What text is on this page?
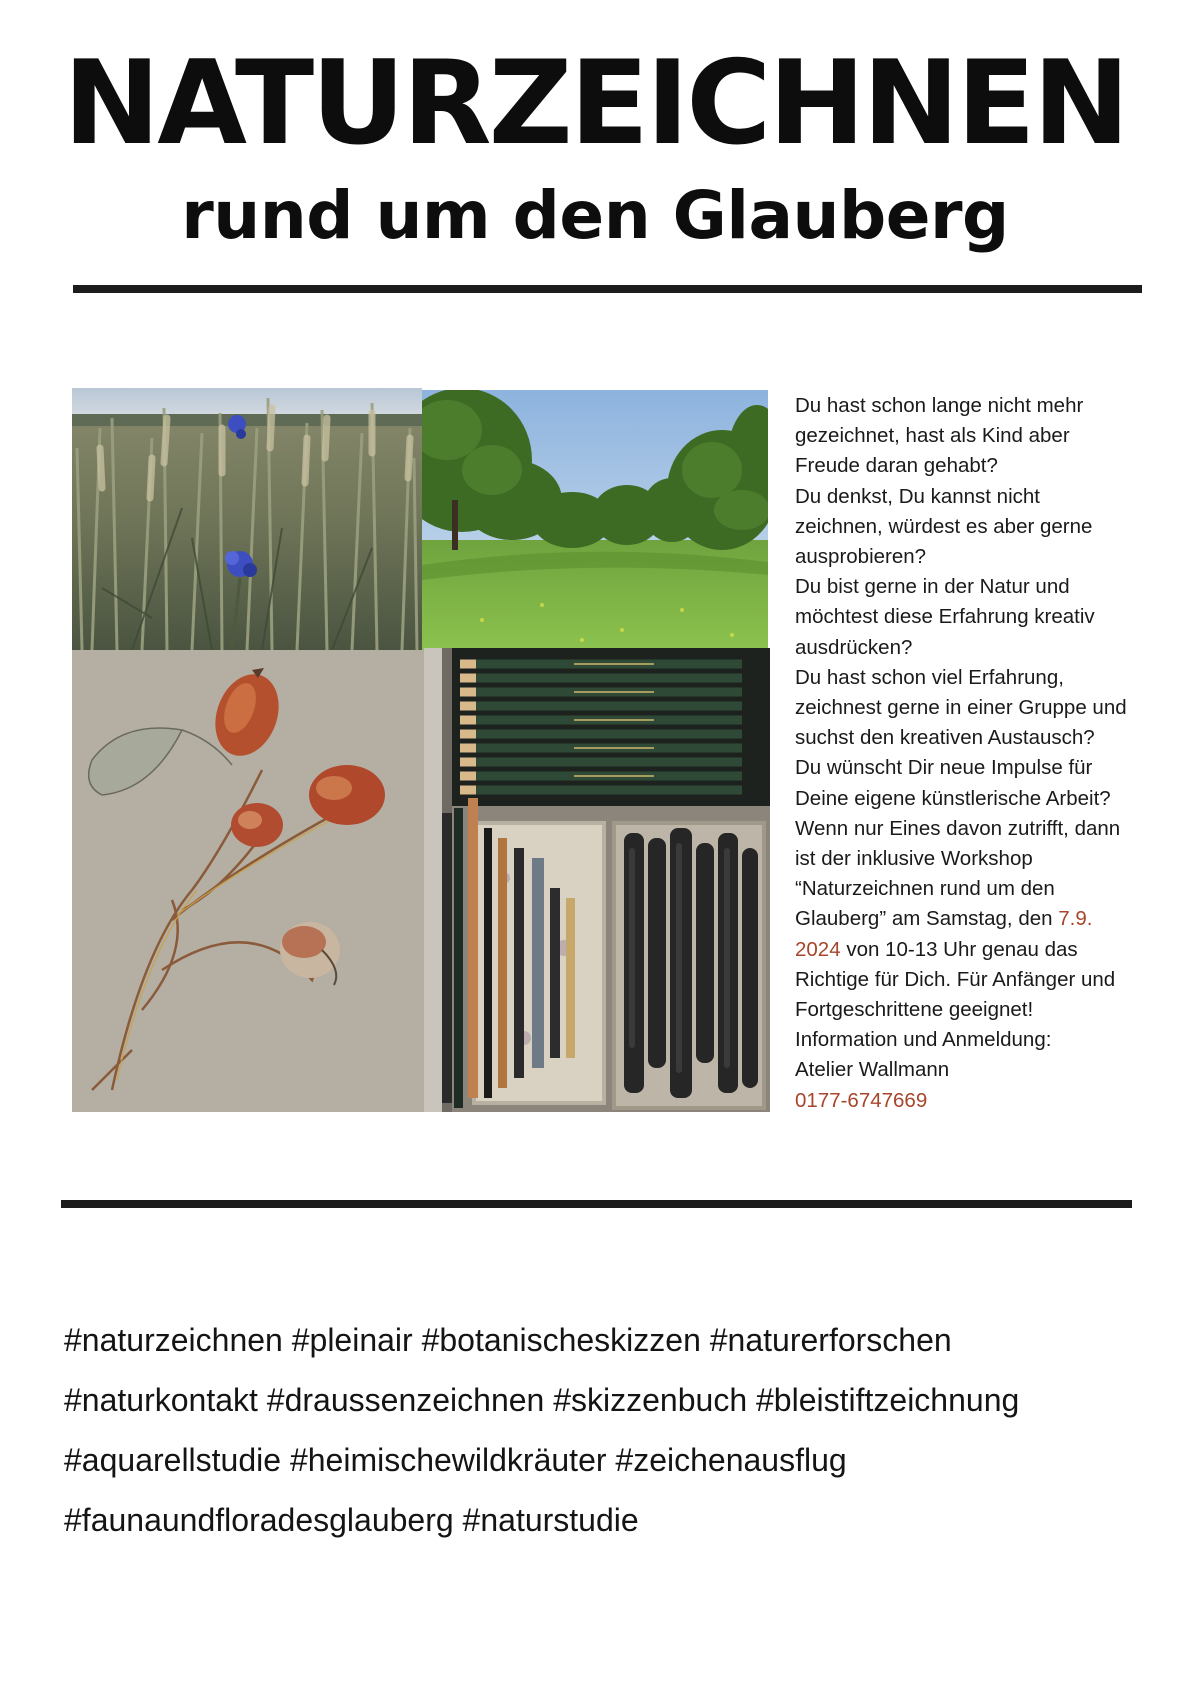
NATURZEICHNEN
rund um den Glauberg
Du hast schon lange nicht mehr
gezeichnet, hast als Kind aber
Freude daran gehabt?
Du denkst, Du kannst nicht
zeichnen, würdest es aber gerne
ausprobieren?
Du bist gerne in der Natur und
möchtest diese Erfahrung kreativ
ausdrücken?
Du hast schon viel Erfahrung,
zeichnest gerne in einer Gruppe und
suchst den kreativen Austausch?
Du wünscht Dir neue Impulse für
Deine eigene künstlerische Arbeit?
Wenn nur Eines davon zutrifft, dann
ist der inklusive Workshop
“Naturzeichnen rund um den
Glauberg” am Samstag, den 7.9.
2024 von 10-13 Uhr genau das
Richtige für Dich. Für Anfänger und
Fortgeschrittene geeignet!
Information und Anmeldung:
Atelier Wallmann
0177-6747669
#naturzeichnen #pleinair #botanischeskizzen #naturerforschen
#naturkontakt #draussenzeichnen #skizzenbuch #bleistiftzeichnung
#aquarellstudie #heimischewildkräuter #zeichenausflug
#faunaundfloradesglauberg #naturstudie
